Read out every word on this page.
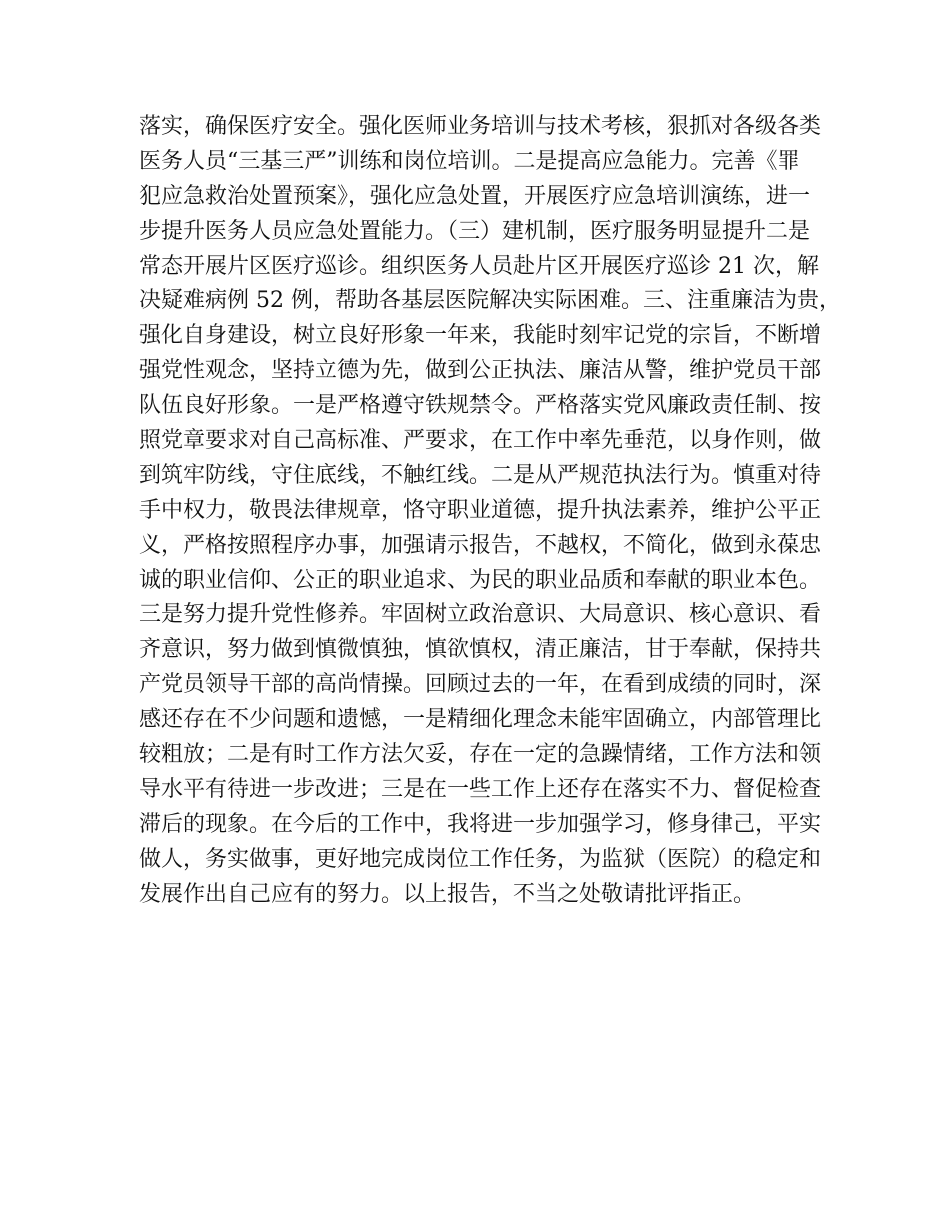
落实，确保医疗安全。强化医师业务培训与技术考核，狠抓对各级各类
医务人员“三基三严”训练和岗位培训。二是提高应急能力。完善《罪
犯应急救治处置预案》，强化应急处置，开展医疗应急培训演练，进一
步提升医务人员应急处置能力。（三）建机制，医疗服务明显提升二是
常态开展片区医疗巡诊。组织医务人员赴片区开展医疗巡诊 21 次，解
决疑难病例 52 例，帮助各基层医院解决实际困难。三、注重廉洁为贵，
强化自身建设，树立良好形象一年来，我能时刻牢记党的宗旨，不断增
强党性观念，坚持立德为先，做到公正执法、廉洁从警，维护党员干部
队伍良好形象。一是严格遵守铁规禁令。严格落实党风廉政责任制、按
照党章要求对自己高标准、严要求，在工作中率先垂范，以身作则，做
到筑牢防线，守住底线，不触红线。二是从严规范执法行为。慎重对待
手中权力，敬畏法律规章，恪守职业道德，提升执法素养，维护公平正
义，严格按照程序办事，加强请示报告，不越权，不简化，做到永葆忠
诚的职业信仰、公正的职业追求、为民的职业品质和奉献的职业本色。
三是努力提升党性修养。牢固树立政治意识、大局意识、核心意识、看
齐意识，努力做到慎微慎独，慎欲慎权，清正廉洁，甘于奉献，保持共
产党员领导干部的高尚情操。回顾过去的一年，在看到成绩的同时，深
感还存在不少问题和遗憾，一是精细化理念未能牢固确立，内部管理比
较粗放；二是有时工作方法欠妥，存在一定的急躁情绪，工作方法和领
导水平有待进一步改进；三是在一些工作上还存在落实不力、督促检查
滞后的现象。在今后的工作中，我将进一步加强学习，修身律己，平实
做人，务实做事，更好地完成岗位工作任务，为监狱（医院）的稳定和
发展作出自己应有的努力。以上报告，不当之处敬请批评指正。
